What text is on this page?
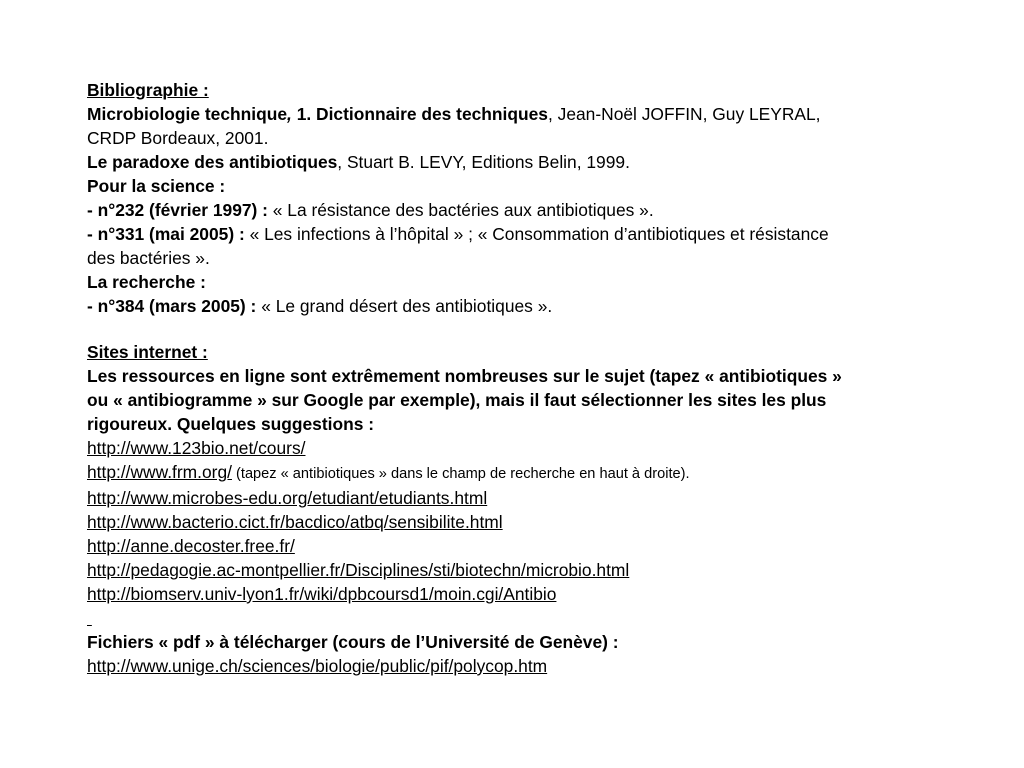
Bibliographie :
Microbiologie technique, 1. Dictionnaire des techniques, Jean-Noël JOFFIN, Guy LEYRAL,
CRDP Bordeaux, 2001.
Le paradoxe des antibiotiques, Stuart B. LEVY, Editions Belin, 1999.
Pour la science :
- n°232 (février 1997) : « La résistance des bactéries aux antibiotiques ».
- n°331 (mai 2005) : « Les infections à l’hôpital » ; « Consommation d’antibiotiques et résistance
des bactéries ».
La recherche :
- n°384 (mars 2005) : « Le grand désert des antibiotiques ».
Sites internet :
Les ressources en ligne sont extrêmement nombreuses sur le sujet (tapez « antibiotiques »
ou « antibiogramme » sur Google par exemple), mais il faut sélectionner les sites les plus
rigoureux. Quelques suggestions :
http://www.123bio.net/cours/
http://www.frm.org/ (tapez « antibiotiques » dans le champ de recherche en haut à droite).
http://www.microbes-edu.org/etudiant/etudiants.html
http://www.bacterio.cict.fr/bacdico/atbq/sensibilite.html
http://anne.decoster.free.fr/
http://pedagogie.ac-montpellier.fr/Disciplines/sti/biotechn/microbio.html
http://biomserv.univ-lyon1.fr/wiki/dpbcoursd1/moin.cgi/Antibio

Fichiers « pdf » à télécharger (cours de l’Université de Genève) :
http://www.unige.ch/sciences/biologie/public/pif/polycop.htm
